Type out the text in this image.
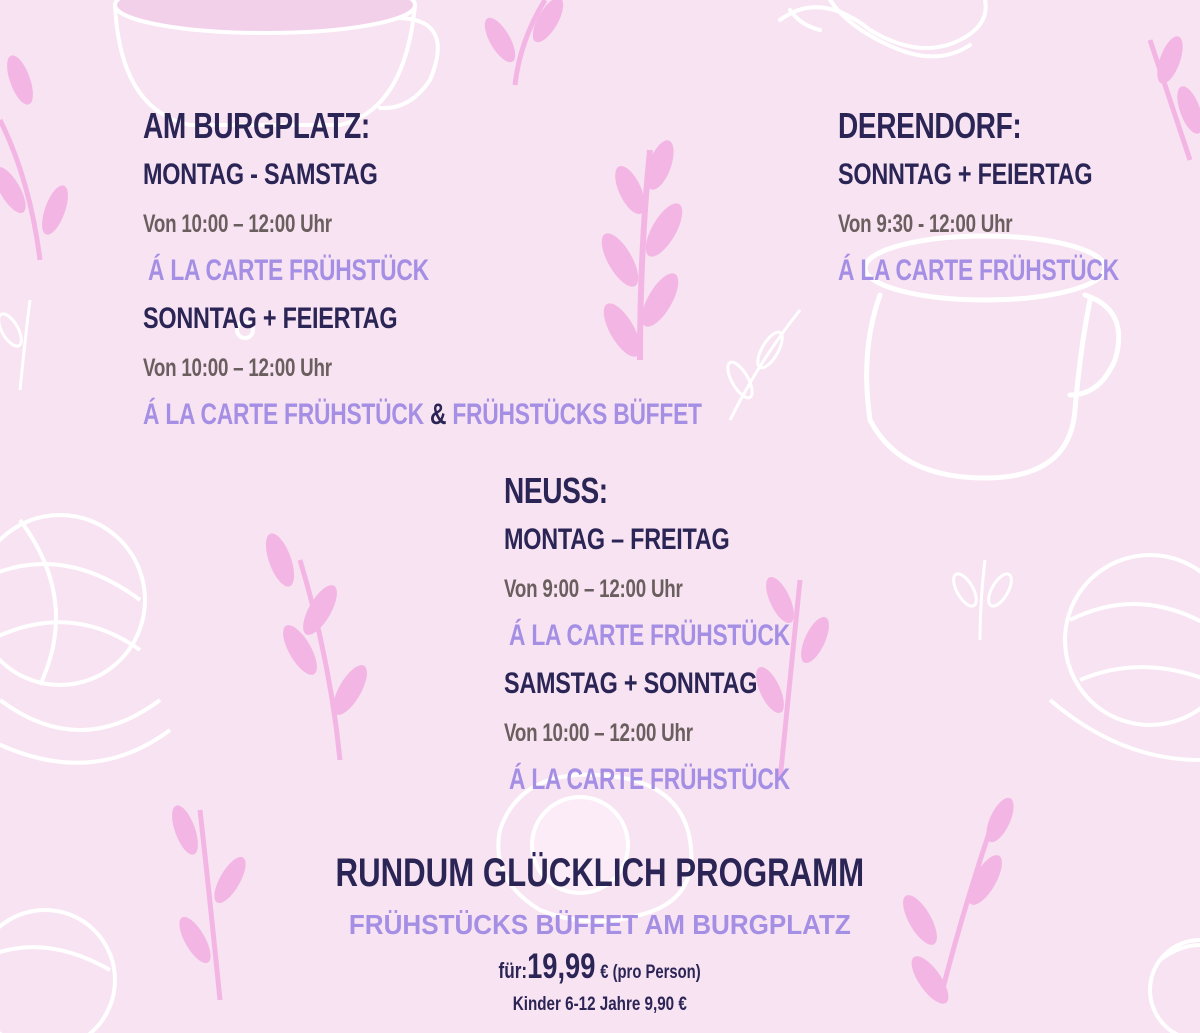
AM BURGPLATZ:

MONTAG - SAMSTAG

Von 10:00 – 12:00 Uhr

Á LA CARTE FRÜHSTÜCK

SONNTAG + FEIERTAG

Von 10:00 – 12:00 Uhr

Á LA CARTE FRÜHSTÜCK & FRÜHSTÜCKS BÜFFET

DERENDORF:

SONNTAG + FEIERTAG

Von 9:30 - 12:00 Uhr

Á LA CARTE FRÜHSTÜCK

NEUSS:

MONTAG – FREITAG

Von 9:00 – 12:00 Uhr

Á LA CARTE FRÜHSTÜCK

SAMSTAG + SONNTAG

Von 10:00 – 12:00 Uhr

Á LA CARTE FRÜHSTÜCK

RUNDUM GLÜCKLICH PROGRAMM

FRÜHSTÜCKS BÜFFET AM BURGPLATZ

für:19,99 € (pro Person)

Kinder 6-12 Jahre 9,90 €
